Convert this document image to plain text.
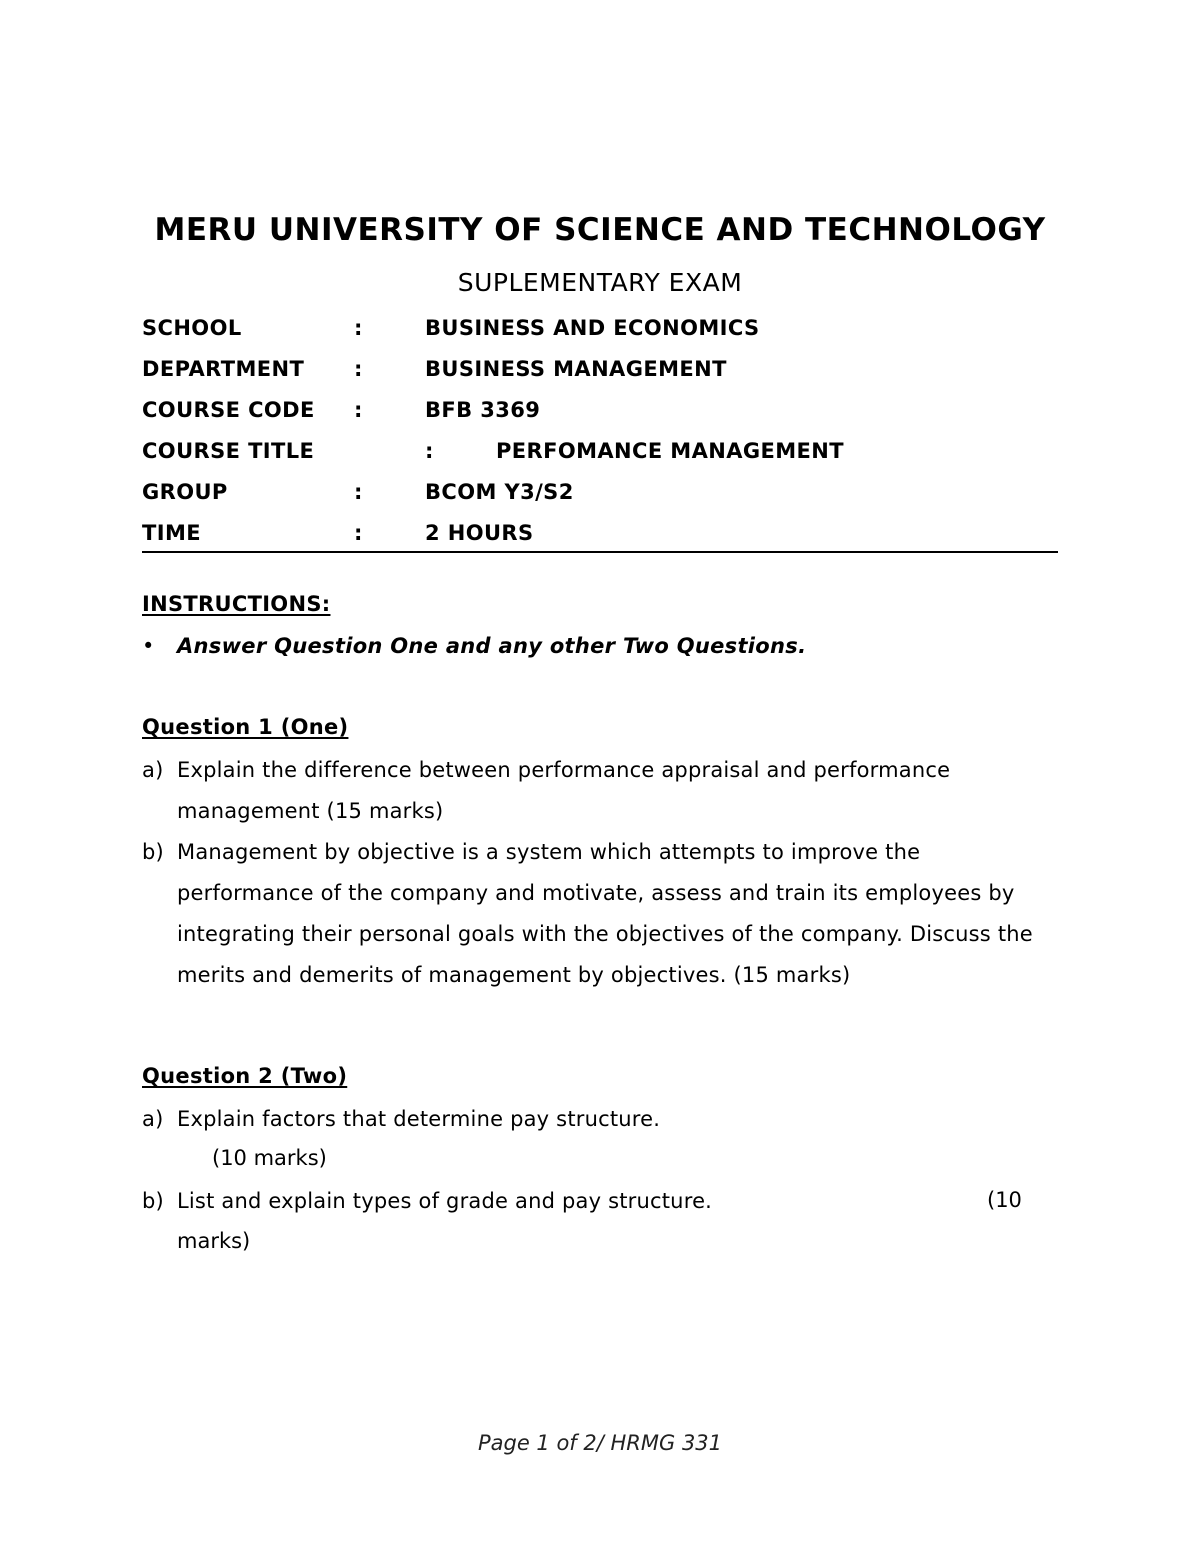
MERU UNIVERSITY OF SCIENCE AND TECHNOLOGY
SUPLEMENTARY EXAM
SCHOOL	:	BUSINESS AND ECONOMICS
DEPARTMENT :	BUSINESS MANAGEMENT
COURSE CODE :	BFB 3369
COURSE TITLE	:	PERFOMANCE MANAGEMENT
GROUP	:	BCOM Y3/S2
TIME	:	2 HOURS
INSTRUCTIONS:
• Answer Question One and any other Two Questions.
Question 1 (One)
a) Explain the difference between performance appraisal and performance management (15 marks)
b) Management by objective is a system which attempts to improve the performance of the company and motivate, assess and train its employees by integrating their personal goals with the objectives of the company. Discuss the merits and demerits of management by objectives. (15 marks)
Question 2 (Two)
a) Explain factors that determine pay structure.
(10 marks)
b) List and explain types of grade and pay structure.	(10
marks)
Page 1 of 2/ HRMG 331
